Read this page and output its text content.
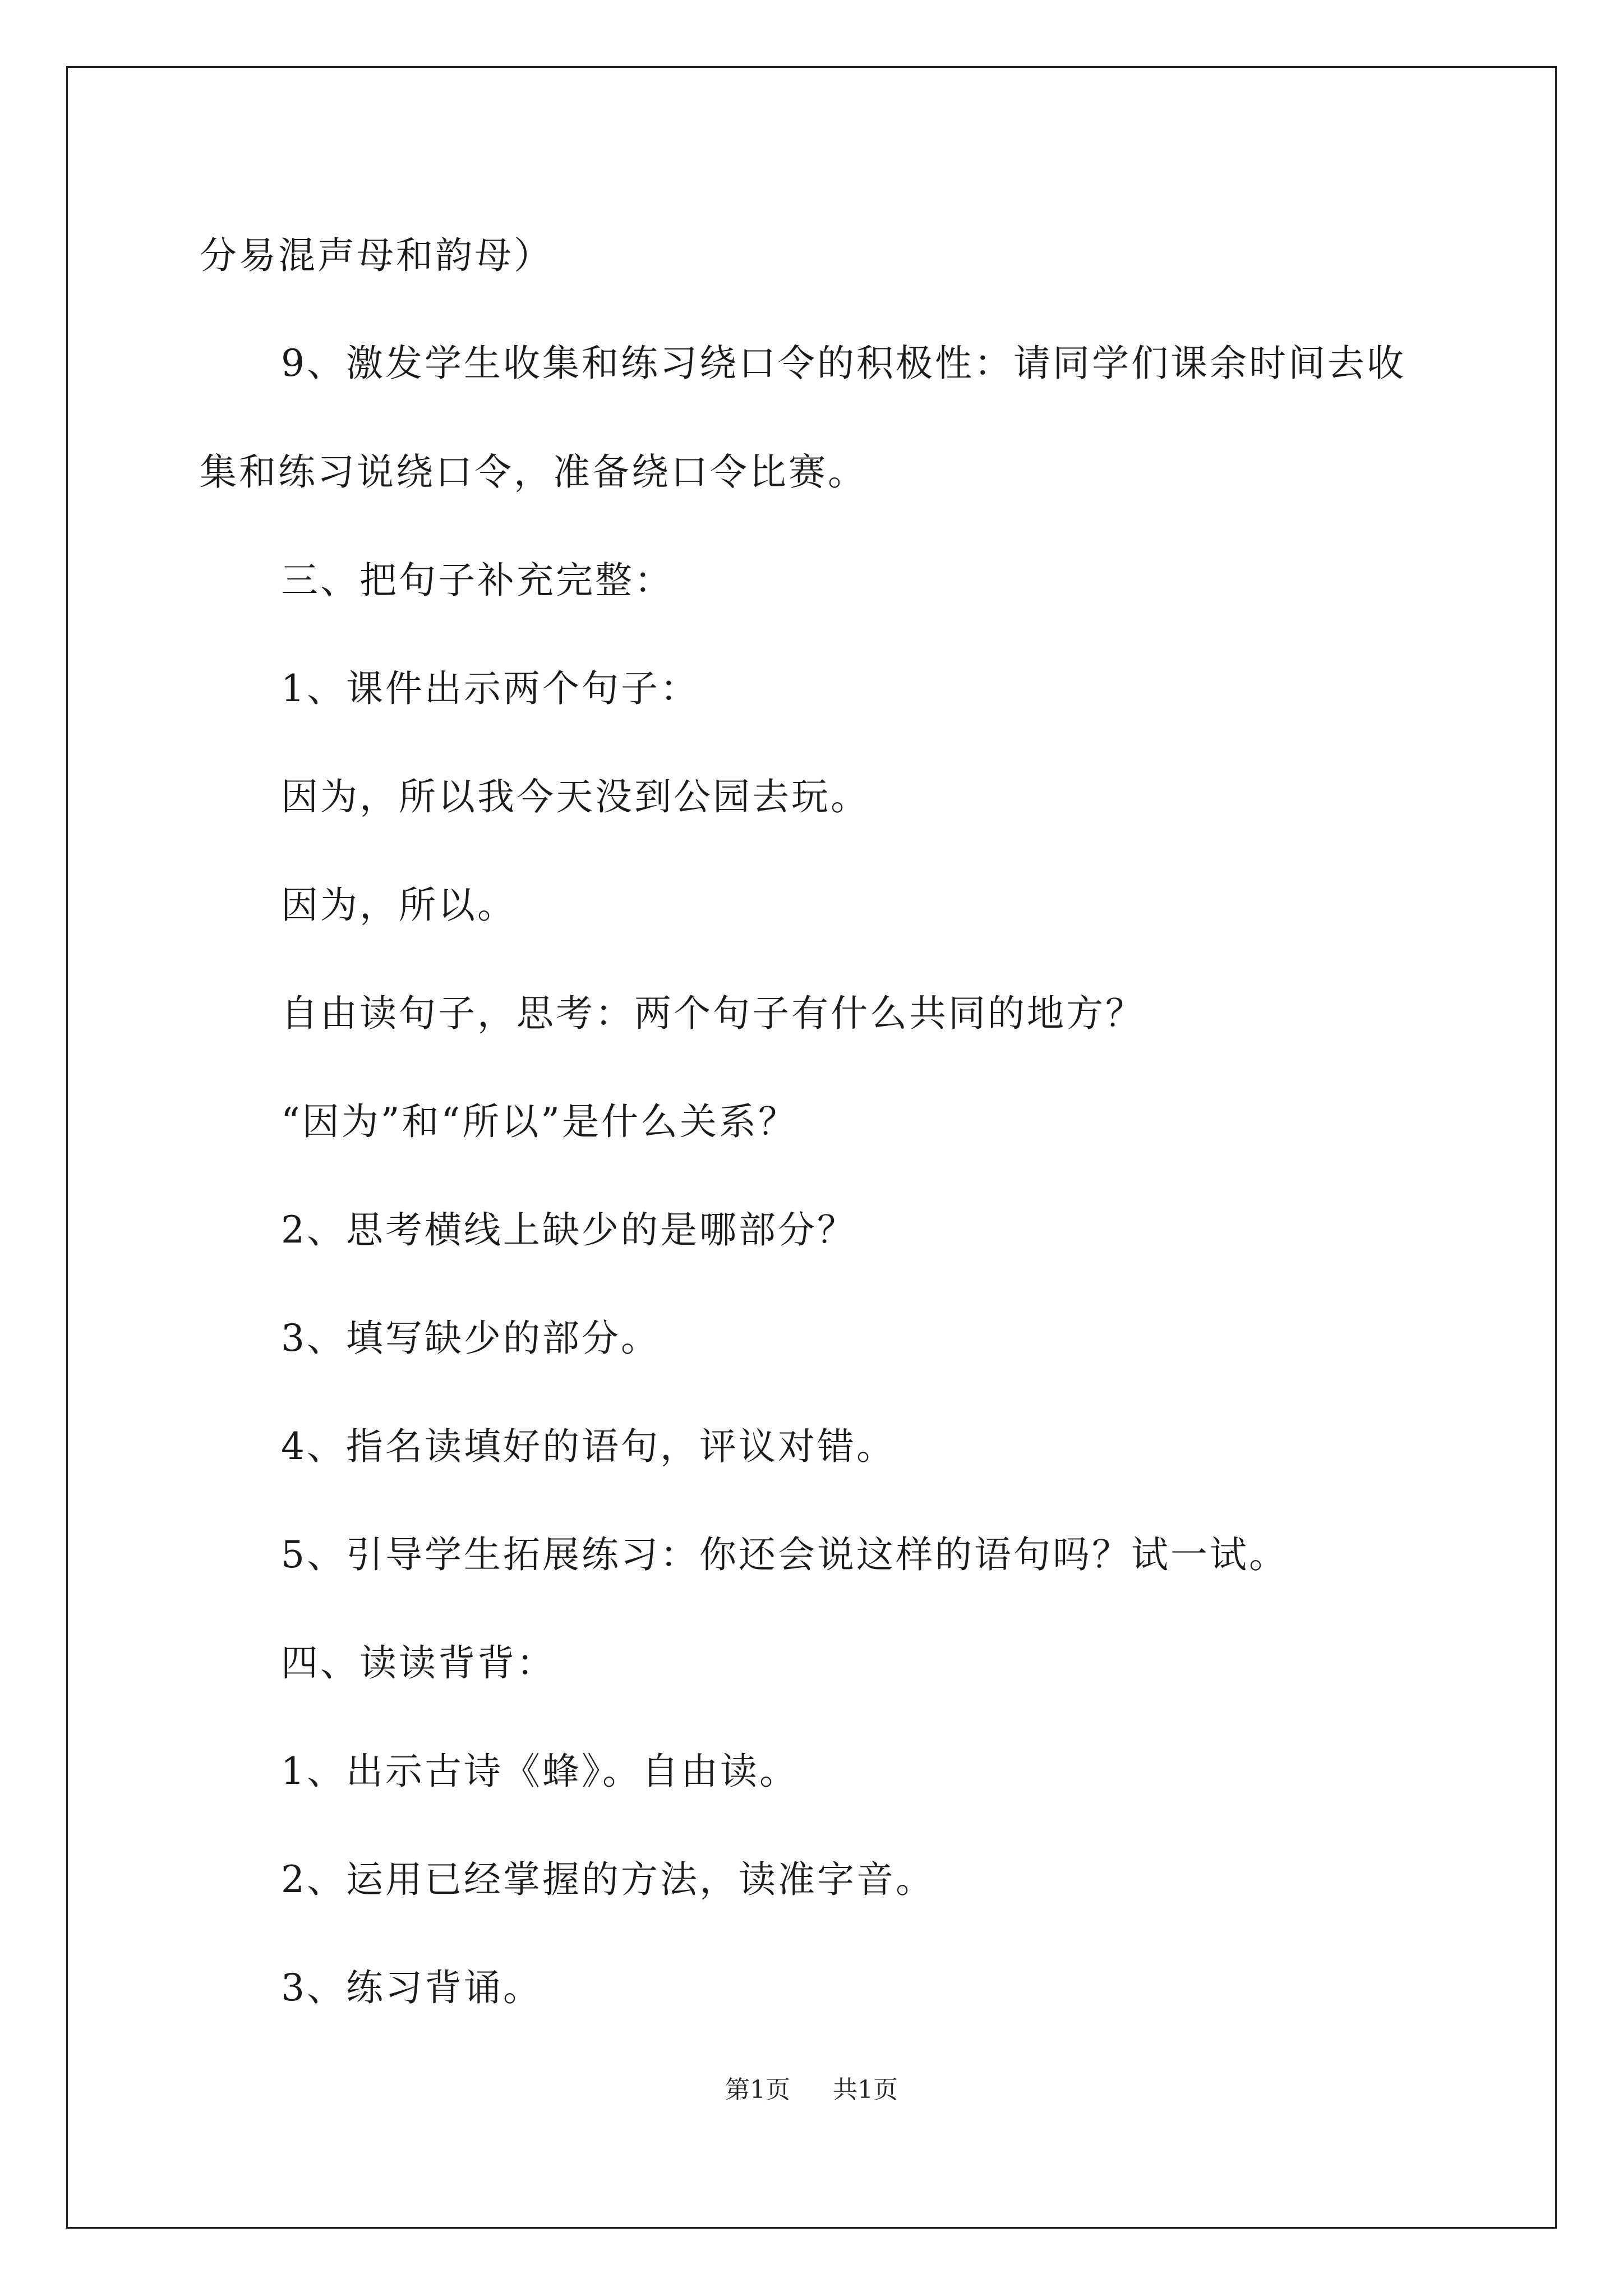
分易混声母和韵母）
9、激发学生收集和练习绕口令的积极性：请同学们课余时间去收
集和练习说绕口令，准备绕口令比赛。
三、把句子补充完整：
1、课件出示两个句子：
因为，所以我今天没到公园去玩。
因为，所以。
自由读句子，思考：两个句子有什么共同的地方？
“因为”和“所以”是什么关系？
2、思考横线上缺少的是哪部分？
3、填写缺少的部分。
4、指名读填好的语句，评议对错。
5、引导学生拓展练习：你还会说这样的语句吗？试一试。
四、读读背背：
1、出示古诗《蜂》。自由读。
2、运用已经掌握的方法，读准字音。
3、练习背诵。
第1页 共1页
